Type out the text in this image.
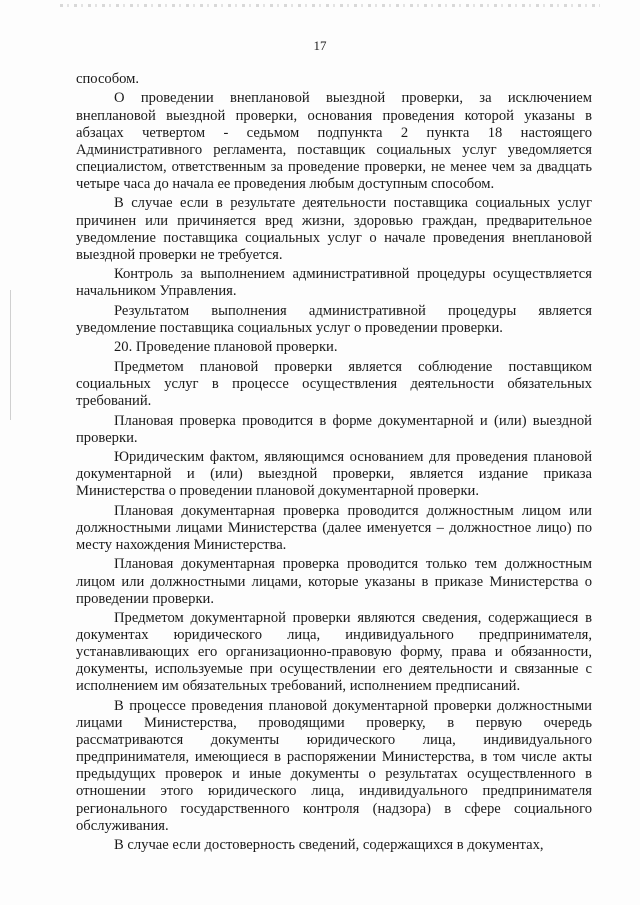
17

способом.

О проведении внеплановой выездной проверки, за исключением внеплановой выездной проверки, основания проведения которой указаны в абзацах четвертом - седьмом подпункта 2 пункта 18 настоящего Административного регламента, поставщик социальных услуг уведомляется специалистом, ответственным за проведение проверки, не менее чем за двадцать четыре часа до начала ее проведения любым доступным способом.

В случае если в результате деятельности поставщика социальных услуг причинен или причиняется вред жизни, здоровью граждан, предварительное уведомление поставщика социальных услуг о начале проведения внеплановой выездной проверки не требуется.

Контроль за выполнением административной процедуры осуществляется начальником Управления.

Результатом выполнения административной процедуры является уведомление поставщика социальных услуг о проведении проверки.

20. Проведение плановой проверки.

Предметом плановой проверки является соблюдение поставщиком социальных услуг в процессе осуществления деятельности обязательных требований.

Плановая проверка проводится в форме документарной и (или) выездной проверки.

Юридическим фактом, являющимся основанием для проведения плановой документарной и (или) выездной проверки, является издание приказа Министерства о проведении плановой документарной проверки.

Плановая документарная проверка проводится должностным лицом или должностными лицами Министерства (далее именуется – должностное лицо) по месту нахождения Министерства.

Плановая документарная проверка проводится только тем должностным лицом или должностными лицами, которые указаны в приказе Министерства о проведении проверки.

Предметом документарной проверки являются сведения, содержащиеся в документах юридического лица, индивидуального предпринимателя, устанавливающих его организационно-правовую форму, права и обязанности, документы, используемые при осуществлении его деятельности и связанные с исполнением им обязательных требований, исполнением предписаний.

В процессе проведения плановой документарной проверки должностными лицами Министерства, проводящими проверку, в первую очередь рассматриваются документы юридического лица, индивидуального предпринимателя, имеющиеся в распоряжении Министерства, в том числе акты предыдущих проверок и иные документы о результатах осуществленного в отношении этого юридического лица, индивидуального предпринимателя регионального государственного контроля (надзора) в сфере социального обслуживания.

В случае если достоверность сведений, содержащихся в документах,
